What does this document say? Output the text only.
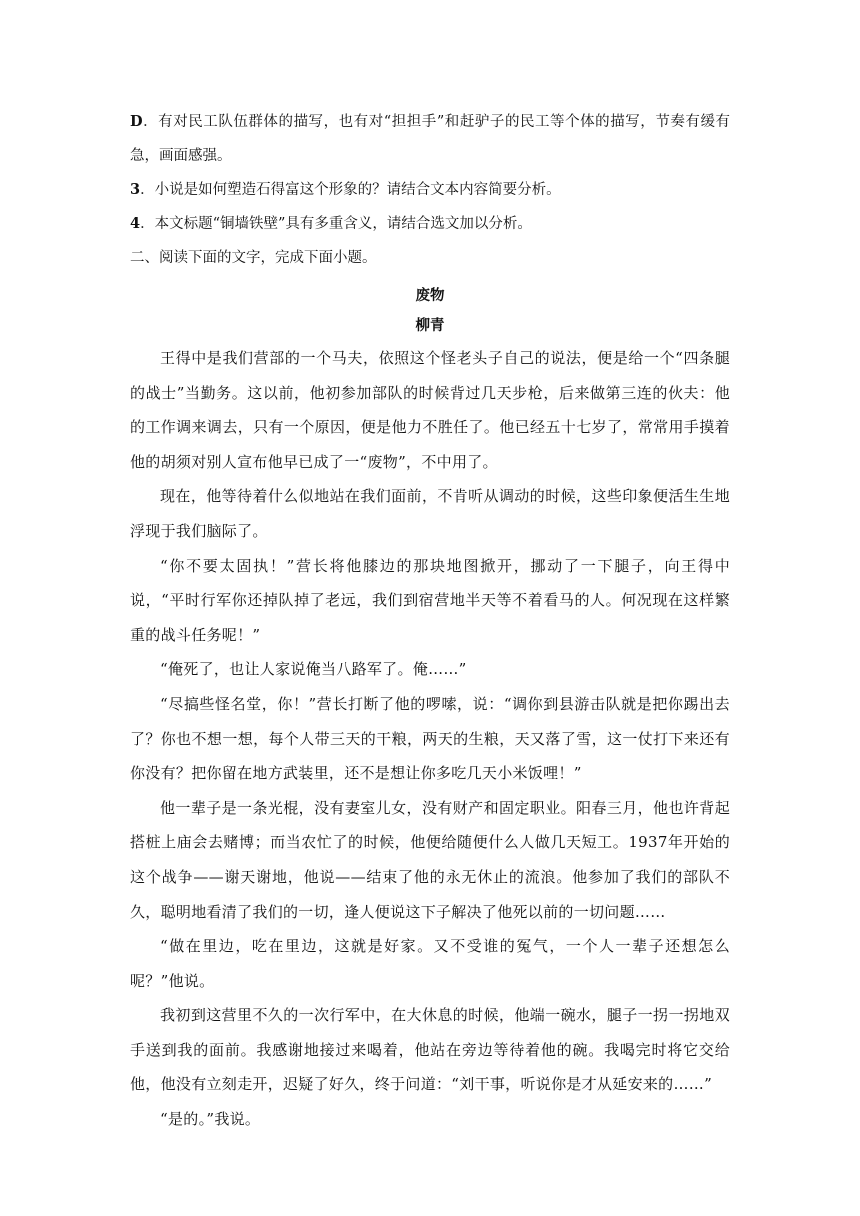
D．有对民工队伍群体的描写，也有对“担担手”和赶驴子的民工等个体的描写，节奏有缓有急，画面感强。

3．小说是如何塑造石得富这个形象的？请结合文本内容简要分析。

4．本文标题“铜墙铁壁”具有多重含义，请结合选文加以分析。

二、阅读下面的文字，完成下面小题。

废物

柳青

王得中是我们营部的一个马夫，依照这个怪老头子自己的说法，便是给一个“四条腿的战士”当勤务。这以前，他初参加部队的时候背过几天步枪，后来做第三连的伙夫：他的工作调来调去，只有一个原因，便是他力不胜任了。他已经五十七岁了，常常用手摸着他的胡须对别人宣布他早已成了一“废物”，不中用了。

现在，他等待着什么似地站在我们面前，不肯听从调动的时候，这些印象便活生生地浮现于我们脑际了。

“你不要太固执！”营长将他膝边的那块地图掀开，挪动了一下腿子，向王得中说，“平时行军你还掉队掉了老远，我们到宿营地半天等不着看马的人。何况现在这样繁重的战斗任务呢！”

“俺死了，也让人家说俺当八路军了。俺……”

“尽搞些怪名堂，你！”营长打断了他的啰嗦，说：“调你到县游击队就是把你踢出去了？你也不想一想，每个人带三天的干粮，两天的生粮，天又落了雪，这一仗打下来还有你没有？把你留在地方武装里，还不是想让你多吃几天小米饭哩！”

他一辈子是一条光棍，没有妻室儿女，没有财产和固定职业。阳春三月，他也许背起搭桩上庙会去赌博；而当农忙了的时候，他便给随便什么人做几天短工。1937年开始的这个战争——谢天谢地，他说——结束了他的永无休止的流浪。他参加了我们的部队不久，聪明地看清了我们的一切，逢人便说这下子解决了他死以前的一切问题……

“做在里边，吃在里边，这就是好家。又不受谁的冤气，一个人一辈子还想怎么呢？”他说。

我初到这营里不久的一次行军中，在大休息的时候，他端一碗水，腿子一拐一拐地双手送到我的面前。我感谢地接过来喝着，他站在旁边等待着他的碗。我喝完时将它交给他，他没有立刻走开，迟疑了好久，终于问道：“刘干事，听说你是才从延安来的……”

“是的。”我说。
